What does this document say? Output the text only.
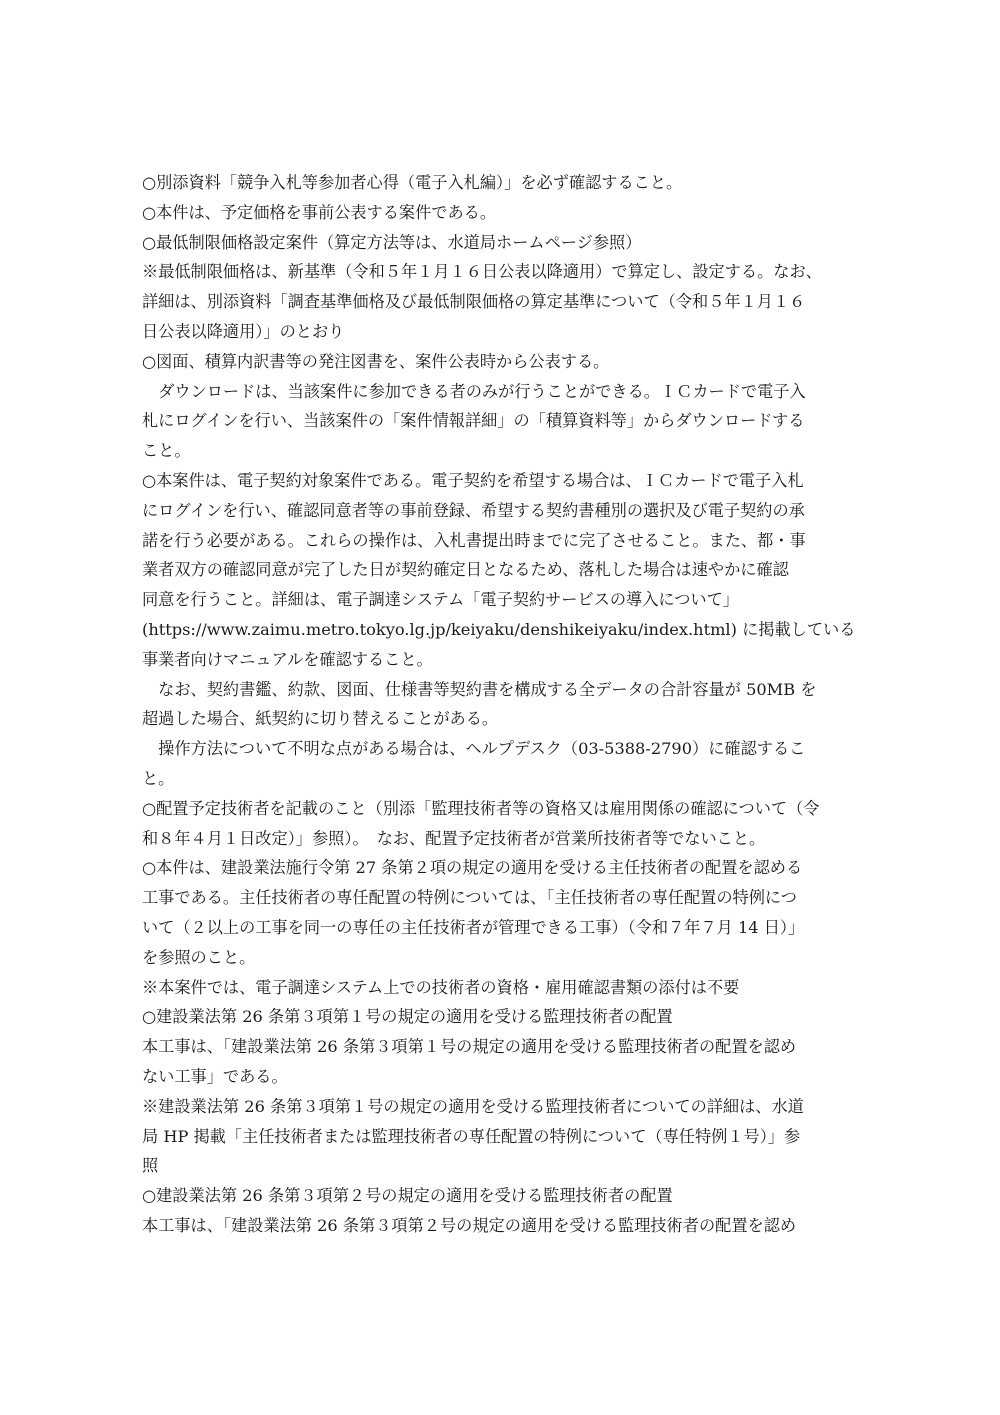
○別添資料「競争入札等参加者心得（電子入札編）」を必ず確認すること。
○本件は、予定価格を事前公表する案件である。
○最低制限価格設定案件（算定方法等は、水道局ホームページ参照）
※最低制限価格は、新基準（令和５年１月１６日公表以降適用）で算定し、設定する。なお、
詳細は、別添資料「調査基準価格及び最低制限価格の算定基準について（令和５年１月１６
日公表以降適用）」のとおり
○図面、積算内訳書等の発注図書を、案件公表時から公表する。
　ダウンロードは、当該案件に参加できる者のみが行うことができる。ＩＣカードで電子入
札にログインを行い、当該案件の「案件情報詳細」の「積算資料等」からダウンロードする
こと。
○本案件は、電子契約対象案件である。電子契約を希望する場合は、ＩＣカードで電子入札
にログインを行い、確認同意者等の事前登録、希望する契約書種別の選択及び電子契約の承
諾を行う必要がある。これらの操作は、入札書提出時までに完了させること。また、都・事
業者双方の確認同意が完了した日が契約確定日となるため、落札した場合は速やかに確認
同意を行うこと。詳細は、電子調達システム「電子契約サービスの導入について」
(https://www.zaimu.metro.tokyo.lg.jp/keiyaku/denshikeiyaku/index.html) に掲載している
事業者向けマニュアルを確認すること。
　なお、契約書鑑、約款、図面、仕様書等契約書を構成する全データの合計容量が 50MB を
超過した場合、紙契約に切り替えることがある。
　操作方法について不明な点がある場合は、ヘルプデスク（03-5388-2790）に確認するこ
と。
○配置予定技術者を記載のこと（別添「監理技術者等の資格又は雇用関係の確認について（令
和８年４月１日改定）」参照）。　なお、配置予定技術者が営業所技術者等でないこと。
○本件は、建設業法施行令第 27 条第２項の規定の適用を受ける主任技術者の配置を認める
工事である。主任技術者の専任配置の特例については、「主任技術者の専任配置の特例につ
いて（２以上の工事を同一の専任の主任技術者が管理できる工事）（令和７年７月 14 日）」
を参照のこと。
※本案件では、電子調達システム上での技術者の資格・雇用確認書類の添付は不要
○建設業法第 26 条第３項第１号の規定の適用を受ける監理技術者の配置
本工事は、「建設業法第 26 条第３項第１号の規定の適用を受ける監理技術者の配置を認め
ない工事」である。
※建設業法第 26 条第３項第１号の規定の適用を受ける監理技術者についての詳細は、水道
局 HP 掲載「主任技術者または監理技術者の専任配置の特例について（専任特例１号）」参
照
○建設業法第 26 条第３項第２号の規定の適用を受ける監理技術者の配置
本工事は、「建設業法第 26 条第３項第２号の規定の適用を受ける監理技術者の配置を認め
